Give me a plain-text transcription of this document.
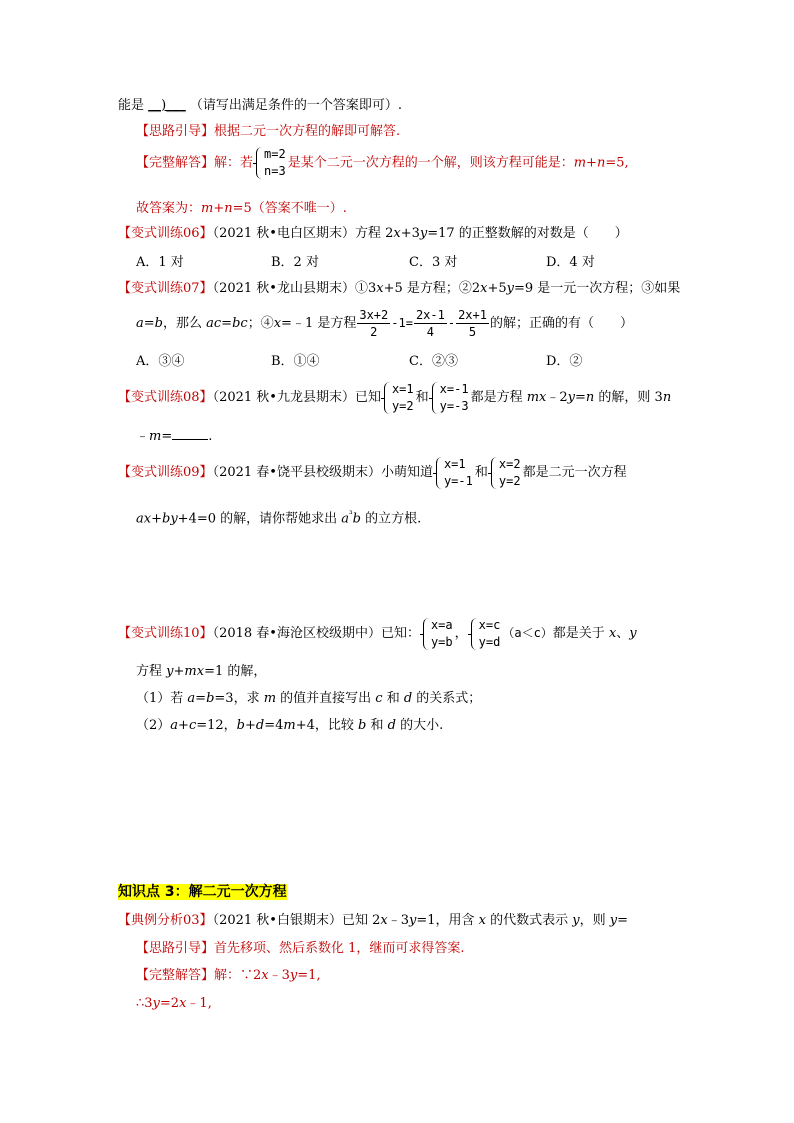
能是 __)___ （请写出满足条件的一个答案即可）.
【思路引导】根据二元一次方程的解即可解答.
【完整解答】解：若
m=2
n=3
是某个二元一次方程的一个解，则该方程可能是：m+n=5,
故答案为：m+n=5（答案不唯一）.
【变式训练06】（2021 秋•电白区期末）方程 2x+3y=17 的正整数解的对数是（　　）
A．1 对	B．2 对	C．3 对	D．4 对
【变式训练07】（2021 秋•龙山县期末）①3x+5 是方程；②2x+5y=9 是一元一次方程；③如果
a=b，那么 ac=bc；④x=﹣1 是方程 $\frac{3x+2}{2} -1= \frac{2x-1}{4} - \frac{2x+1}{5}$ 的解；正确的有（　　）
A．③④	B．①④	C．②③	D．②
【变式训练08】（2021 秋•九龙县期末）已知
x=1
y=2
和
x=-1
y=-3
都是方程 mx﹣2y=n 的解，则 3n
﹣m=	.
【变式训练09】（2021 春•饶平县校级期末）小萌知道
x=1
y=-1
和
x=2
y=2
都是二元一次方程
ax+by+4=0 的解，请你帮她求出 $a^{^3}b$ 的立方根.
【变式训练10】（2018 春•海沧区校级期中）已知：
x=a
y=b
，
x=c
y=d
（a＜c）都是关于 x、y
方程 y+mx=1 的解，
（1）若 a=b=3，求 m 的值并直接写出 c 和 d 的关系式；
（2）a+c=12，b+d=4m+4，比较 b 和 d 的大小.
知识点 3：解二元一次方程
【典例分析03】（2021 秋•白银期末）已知 2x﹣3y=1，用含 x 的代数式表示 y，则 y=
【思路引导】首先移项、然后系数化 1，继而可求得答案.
【完整解答】解：∵2x﹣3y=1,
∴3y=2x﹣1,
